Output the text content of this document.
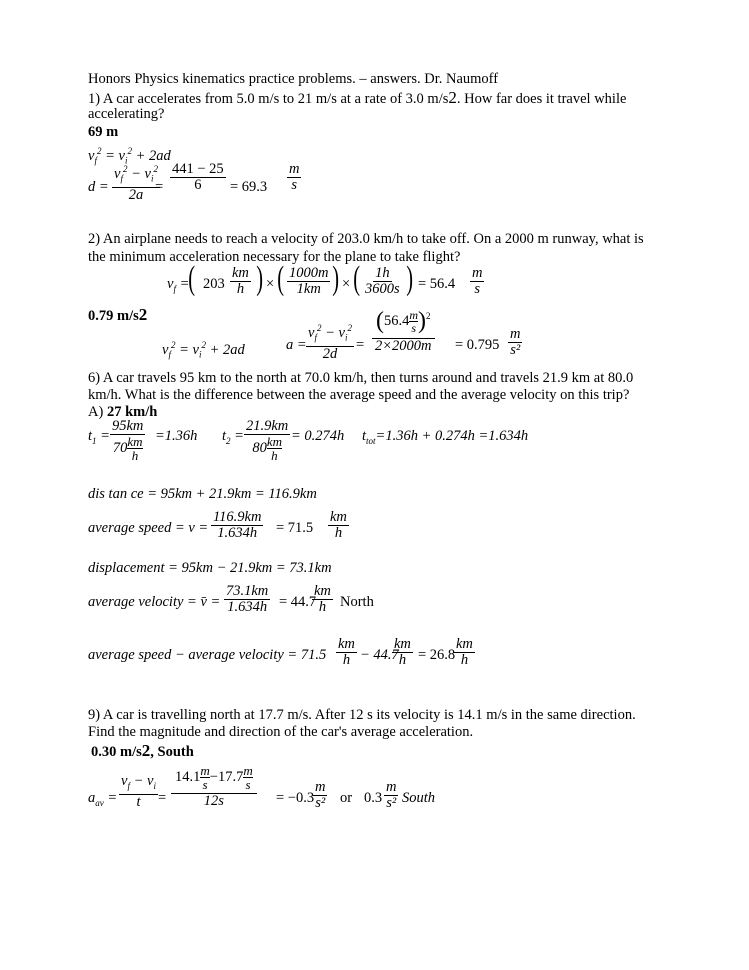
Honors Physics kinematics practice problems. – answers. Dr. Naumoff
1) A car accelerates from 5.0 m/s to 21 m/s at a rate of 3.0 m/s2. How far does it travel while
accelerating?
69 m
$v_f^2 = v_i^2 + 2ad$
$d = \frac{v_f^2 - v_i^2}{2a}$
= $\frac{441 - 25}{6} = 69.3 \frac{m}{s}$
2) An airplane needs to reach a velocity of 203.0 km/h to take off. On a 2000 m runway, what is
the minimum acceleration necessary for the plane to take flight?
$v_f$ =
( $203 \frac{km}{h}$ ) × ( $\frac{1000m}{1km}$ ) × ( $\frac{1h}{3600s}$ ) = $56.4 \frac{m}{s}$
0.79 m/s2
$v_f^2 = v_i^2 + 2ad$	$a = \frac{v_f^2 - v_i^2}{2d} = \frac{(56.4 \frac{m}{s} )^2}{2\times 2000m} = 0.795 \frac{m}{\text{s²}}$
6) A car travels 95 km to the north at 70.0 km/h, then turns around and travels 21.9 km at 80.0
km/h. What is the difference between the average speed and the average velocity on this trip?
A) 27 km/h
$t_1$ =
95km
70 km
h
=1.36h $t_2$ =
21.9km
80 km
h
= 0.274h $t_{tot}=1.36h + 0.274h =1.634h$
dis tan ce = 95km + 21.9km = 116.9km
average speed = $v = \frac{116.9km}{1.634h} = 71.5 \frac{km}{h}$
displacement = 95km − 21.9km = 73.1km
average velocity = v̄ = $\frac{73.1km}{1.634h} = 44.7$
$\frac{km}{h}$ North
average speed − average velocity = $71.5 \frac{km}{h} - 44.7$
$\frac{km}{h} = 26.8$
$\frac{km}{h}$
9) A car is travelling north at 17.7 m/s. After 12 s its velocity is 14.1 m/s in the same direction.
Find the magnitude and direction of the car's average acceleration.
0.30 m/s2, South
$a_{av} = \frac{v_f - v_i}{t} = 14.1$ m
s −17.7 m
s
12s = −0.3
$\frac{m}{\text{s²}}$ or $0.3 \frac{m}{\text{s²}}$ South
